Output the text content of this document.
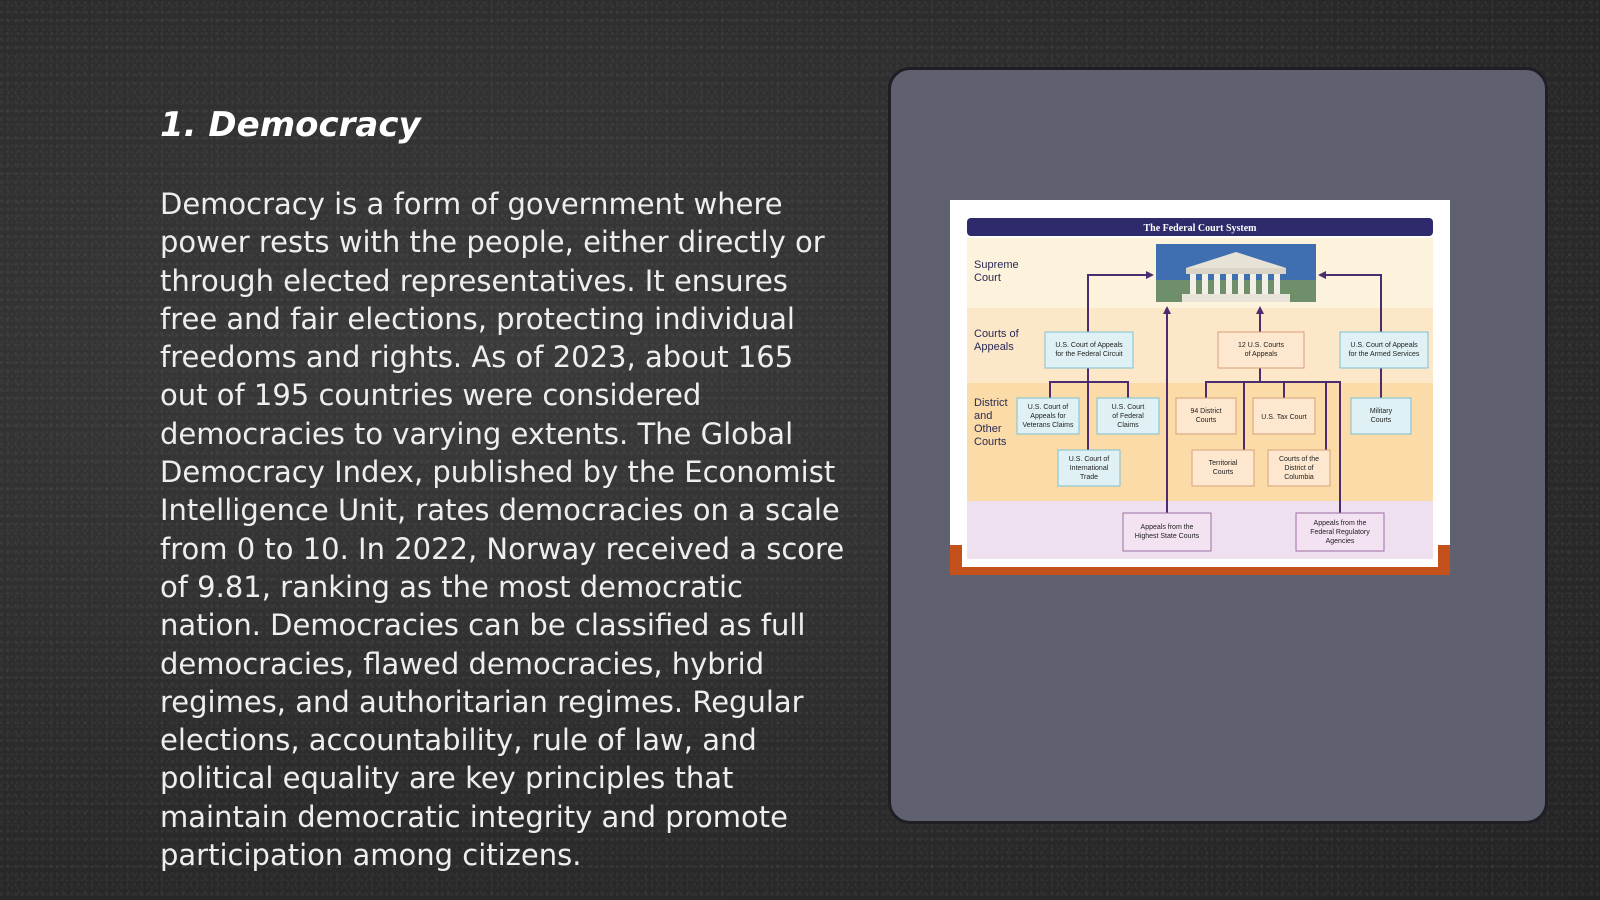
1. Democracy

Democracy is a form of government where power rests with the people, either directly or through elected representatives. It ensures free and fair elections, protecting individual freedoms and rights. As of 2023, about 165 out of 195 countries were considered democracies to varying extents. The Global Democracy Index, published by the Economist Intelligence Unit, rates democracies on a scale from 0 to 10. In 2022, Norway received a score of 9.81, ranking as the most democratic nation. Democracies can be classified as full democracies, flawed democracies, hybrid regimes, and authoritarian regimes. Regular elections, accountability, rule of law, and political equality are key principles that maintain democratic integrity and promote participation among citizens.

The Federal Court System
Supreme Court
Courts of Appeals
District and Other Courts
U.S. Court of Appeals for the Federal Circuit
12 U.S. Courts of Appeals
U.S. Court of Appeals for the Armed Services
U.S. Court of Appeals for Veterans Claims
U.S. Court of Federal Claims
94 District Courts	U.S. Tax Court
Military Courts
U.S. Court of International Trade
Territorial Courts
Courts of the District of Columbia
Appeals from the Highest State Courts
Appeals from the Federal Regulatory Agencies
